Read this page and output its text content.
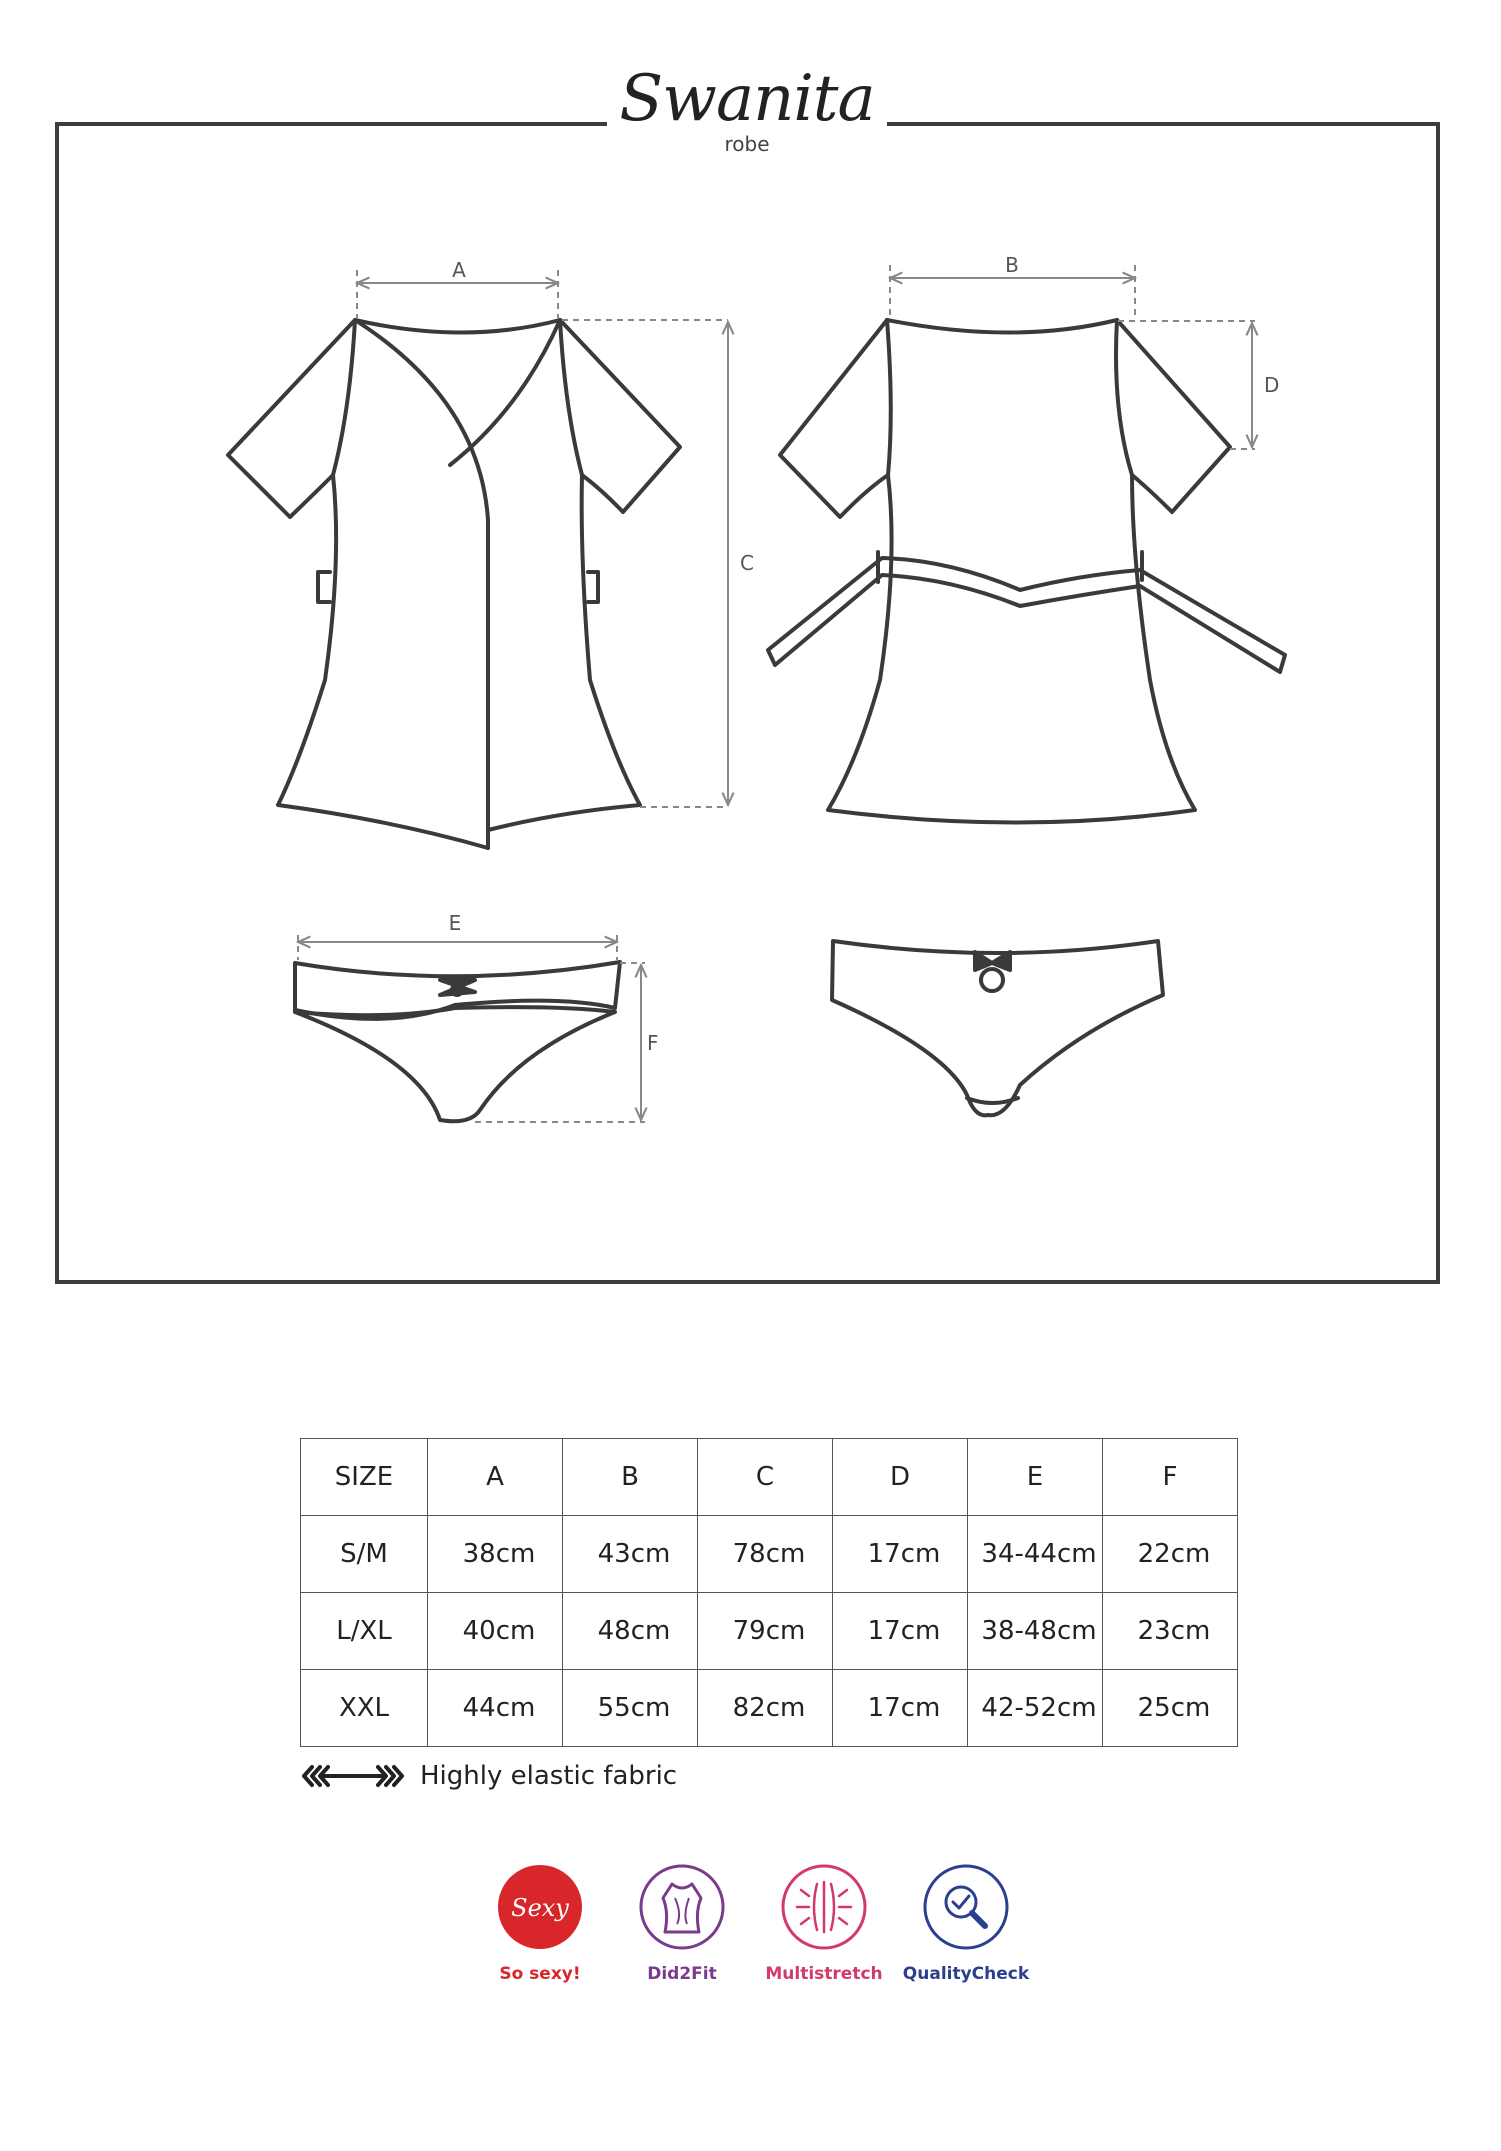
Swanita
robe
A	B
C
D
E
F
SIZE	A	B	C	D	E	F
S/M	38cm	43cm	78cm	17cm	34-44cm	22cm
L/XL	40cm	48cm	79cm	17cm	38-48cm	23cm
XXL	44cm	55cm	82cm	17cm	42-52cm	25cm
Highly elastic fabric
Sexy
So sexy!	Did2Fit	Multistretch	QualityCheck
